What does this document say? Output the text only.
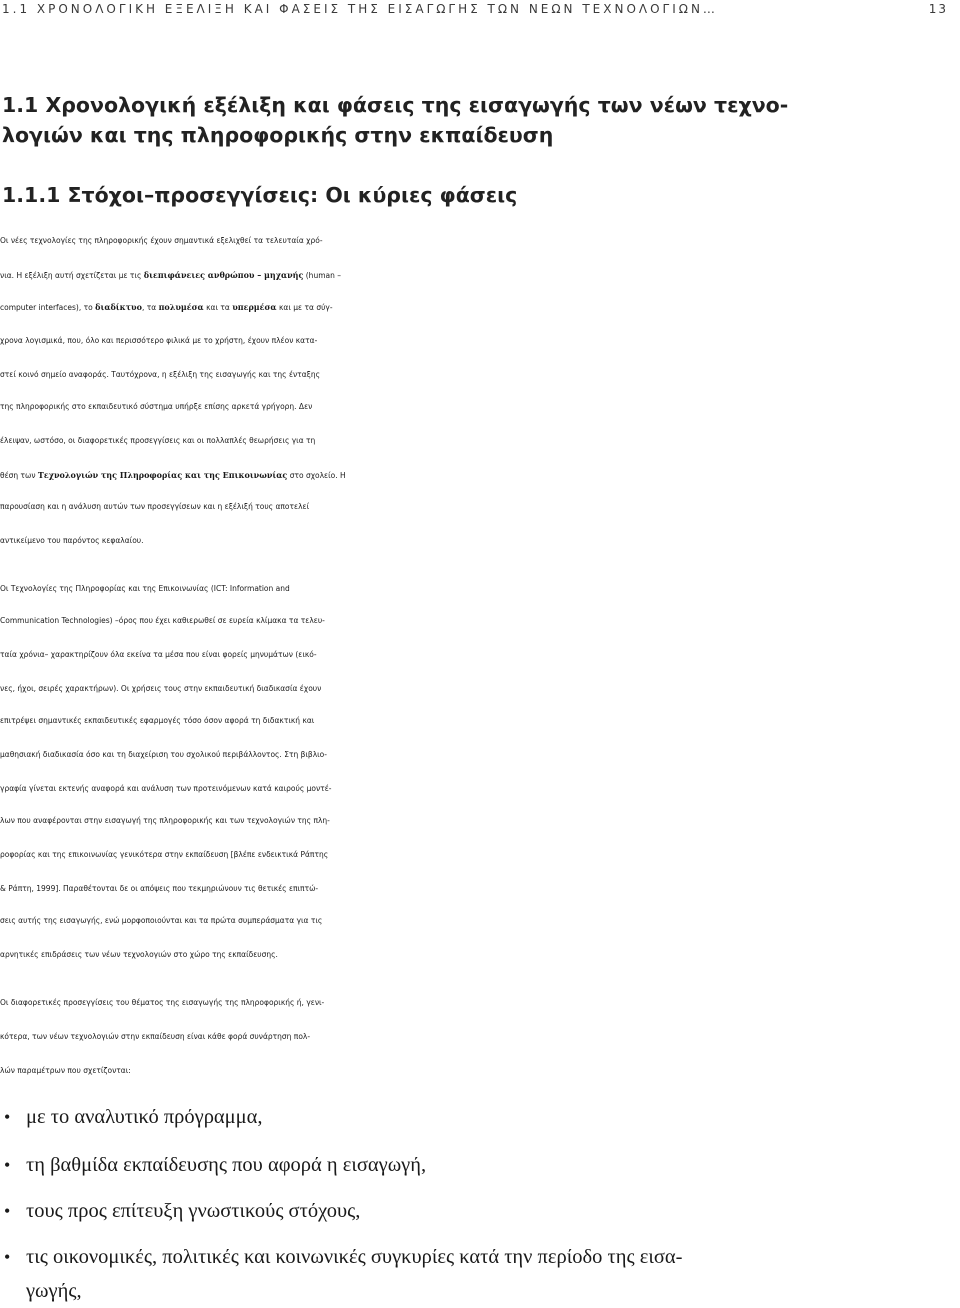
1.1 ΧΡΟΝΟΛΟΓΙΚΗ ΕΞΕΛΙΞΗ ΚΑΙ ΦΑΣΕΙΣ ΤΗΣ ΕΙΣΑΓΩΓΗΣ ΤΩΝ ΝΕΩΝ ΤΕΧΝΟΛΟΓΙΩΝ…	13
1.1 Χρονολογική εξέλιξη και φάσεις της εισαγωγής των νέων τεχνο-
λογιών και της πληροφορικής στην εκπαίδευση
1.1.1 Στόχοι–προσεγγίσεις: Οι κύριες φάσεις
Οι νέες τεχνολογίες της πληροφορικής έχουν σημαντικά εξελιχθεί τα τελευταία χρό-
νια. Η εξέλιξη αυτή σχετίζεται με τις διεπιφάνειες ανθρώπου – μηχανής (human –
computer interfaces), το διαδίκτυο, τα πολυμέσα και τα υπερμέσα και με τα σύγ-
χρονα λογισμικά, που, όλο και περισσότερο φιλικά με το χρήστη, έχουν πλέον κατα-
στεί κοινό σημείο αναφοράς. Ταυτόχρονα, η εξέλιξη της εισαγωγής και της ένταξης
της πληροφορικής στο εκπαιδευτικό σύστημα υπήρξε επίσης αρκετά γρήγορη. Δεν
έλειψαν, ωστόσο, οι διαφορετικές προσεγγίσεις και οι πολλαπλές θεωρήσεις για τη
θέση των Τεχνολογιών της Πληροφορίας και της Επικοινωνίας στο σχολείο. Η
παρουσίαση και η ανάλυση αυτών των προσεγγίσεων και η εξέλιξή τους αποτελεί
αντικείμενο του παρόντος κεφαλαίου.
Οι Τεχνολογίες της Πληροφορίας και της Επικοινωνίας (ICT: Information and
Communication Technologies) –όρος που έχει καθιερωθεί σε ευρεία κλίμακα τα τελευ-
ταία χρόνια– χαρακτηρίζουν όλα εκείνα τα μέσα που είναι φορείς μηνυμάτων (εικό-
νες, ήχοι, σειρές χαρακτήρων). Οι χρήσεις τους στην εκπαιδευτική διαδικασία έχουν
επιτρέψει σημαντικές εκπαιδευτικές εφαρμογές τόσο όσον αφορά τη διδακτική και
μαθησιακή διαδικασία όσο και τη διαχείριση του σχολικού περιβάλλοντος. Στη βιβλιο-
γραφία γίνεται εκτενής αναφορά και ανάλυση των προτεινόμενων κατά καιρούς μοντέ-
λων που αναφέρονται στην εισαγωγή της πληροφορικής και των τεχνολογιών της πλη-
ροφορίας και της επικοινωνίας γενικότερα στην εκπαίδευση [βλέπε ενδεικτικά Ράπτης
& Ράπτη, 1999]. Παραθέτονται δε οι απόψεις που τεκμηριώνουν τις θετικές επιπτώ-
σεις αυτής της εισαγωγής, ενώ μορφοποιούνται και τα πρώτα συμπεράσματα για τις
αρνητικές επιδράσεις των νέων τεχνολογιών στο χώρο της εκπαίδευσης.
Οι διαφορετικές προσεγγίσεις του θέματος της εισαγωγής της πληροφορικής ή, γενι-
κότερα, των νέων τεχνολογιών στην εκπαίδευση είναι κάθε φορά συνάρτηση πολ-
λών παραμέτρων που σχετίζονται:
• με το αναλυτικό πρόγραμμα,
• τη βαθμίδα εκπαίδευσης που αφορά η εισαγωγή,
• τους προς επίτευξη γνωστικούς στόχους,
• τις οικονομικές, πολιτικές και κοινωνικές συγκυρίες κατά την περίοδο της εισα-
γωγής,
